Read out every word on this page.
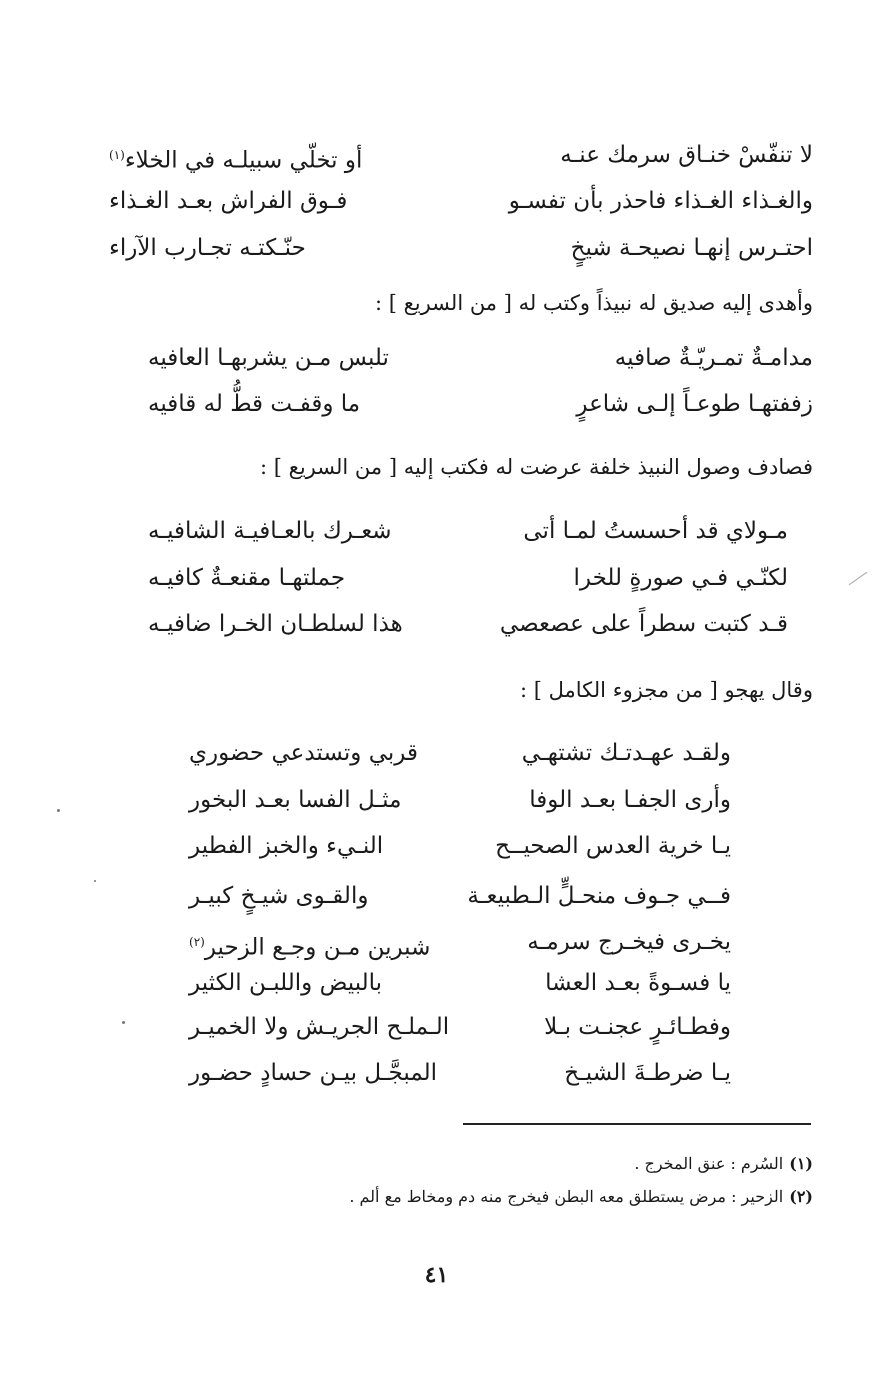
لا تنفّسْ خنـاق سرمك عنـه
أو تخلّي سبيلـه في الخلاء$^{(١)}$
والغـذاء الغـذاء فاحذر بأن تفسـو
فـوق الفراش بعـد الغـذاء
احتـرس إنهـا نصيحـة شيخٍ
حنّـكتـه تجـارب الآراء
وأهدى إليه صديق له نبيذاً وكتب له [ من السريع ] :
مدامـةٌ تمـريّـةٌ صافيه
تلبس مـن يشربهـا العافيه
زففتهـا طوعـاً إلـى شاعرٍ
ما وقفـت قطُّ له قافيه
فصادف وصول النبيذ خلفة عرضت له فكتب إليه [ من السريع ] :
مـولاي قد أحسستُ لمـا أتى
شعـرك بالعـافيـة الشافيـه
لكنّـي فـي صورةٍ للخرا
جملتهـا مقنعـةٌ كافيـه
قـد كتبت سطراً على عصعصي
هذا لسلطـان الخـرا ضافيـه
وقال يهجو [ من مجزوء الكامل ] :
ولقـد عهـدتـك تشتهـي
قربي وتستدعي حضوري
وأرى الجفـا بعـد الوفا
مثـل الفسا بعـد البخور
يـا خرية العدس الصحيــح
النـيء والخبز الفطير
فــي جـوف منحـلٍّ الـطبيعـة
والقـوى شيـخٍ كبيـر
يخـرى فيخـرج سرمـه
شبرين مـن وجـع الزحير$^{(٢)}$
يا فسـوةً بعـد العشا
بالبيض واللبـن الكثير
وفطـائـرٍ عجنـت بـلا
الـملـح الجريـش ولا الخميـر
يـا ضرطـةَ الشيـخ
المبجَّـل بيـن حسادٍ حضـور
(١)السُرم : عنق المخرج .
(٢)الزحير : مرض يستطلق معه البطن فيخرج منه دم ومخاط مع ألم .
٤١
